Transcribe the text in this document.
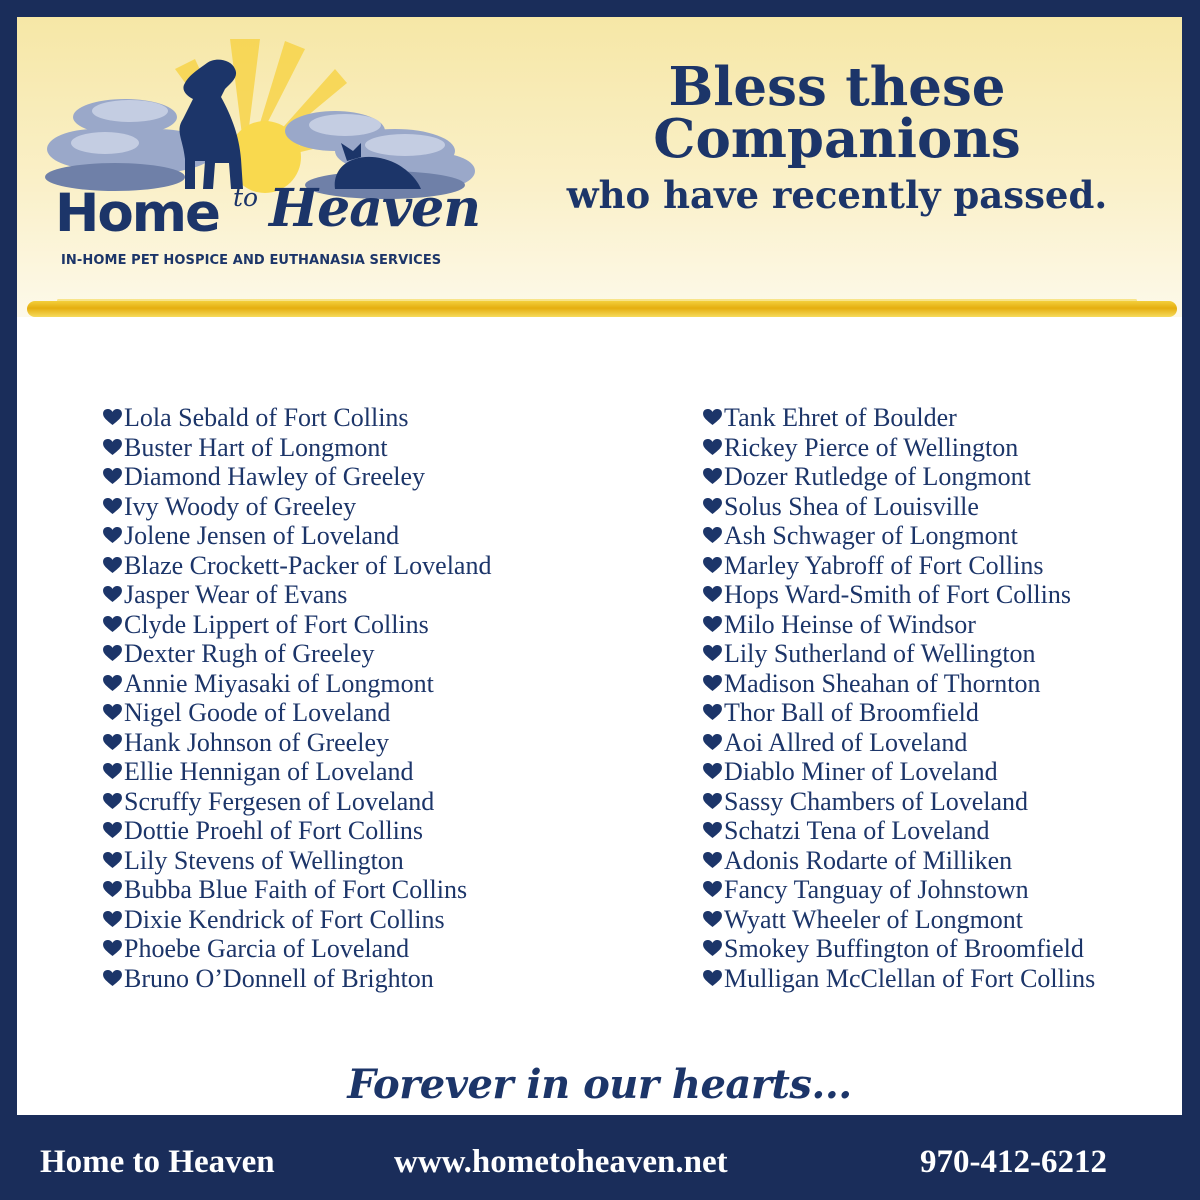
Home to Heaven
IN-HOME PET HOSPICE AND EUTHANASIA SERVICES
Bless these
Companions
who have recently passed.
Lola Sebald of Fort Collins
Buster Hart of Longmont
Diamond Hawley of Greeley
Ivy Woody of Greeley
Jolene Jensen of Loveland
Blaze Crockett-Packer of Loveland
Jasper Wear of Evans
Clyde Lippert of Fort Collins
Dexter Rugh of Greeley
Annie Miyasaki of Longmont
Nigel Goode of Loveland
Hank Johnson of Greeley
Ellie Hennigan of Loveland
Scruffy Fergesen of Loveland
Dottie Proehl of Fort Collins
Lily Stevens of Wellington
Bubba Blue Faith of Fort Collins
Dixie Kendrick of Fort Collins
Phoebe Garcia of Loveland
Bruno O’Donnell of Brighton
Tank Ehret of Boulder
Rickey Pierce of Wellington
Dozer Rutledge of Longmont
Solus Shea of Louisville
Ash Schwager of Longmont
Marley Yabroff of Fort Collins
Hops Ward-Smith of Fort Collins
Milo Heinse of Windsor
Lily Sutherland of Wellington
Madison Sheahan of Thornton
Thor Ball of Broomfield
Aoi Allred of Loveland
Diablo Miner of Loveland
Sassy Chambers of Loveland
Schatzi Tena of Loveland
Adonis Rodarte of Milliken
Fancy Tanguay of Johnstown
Wyatt Wheeler of Longmont
Smokey Buffington of Broomfield
Mulligan McClellan of Fort Collins
Forever in our hearts...
Home to Heaven	www.hometoheaven.net	970-412-6212
